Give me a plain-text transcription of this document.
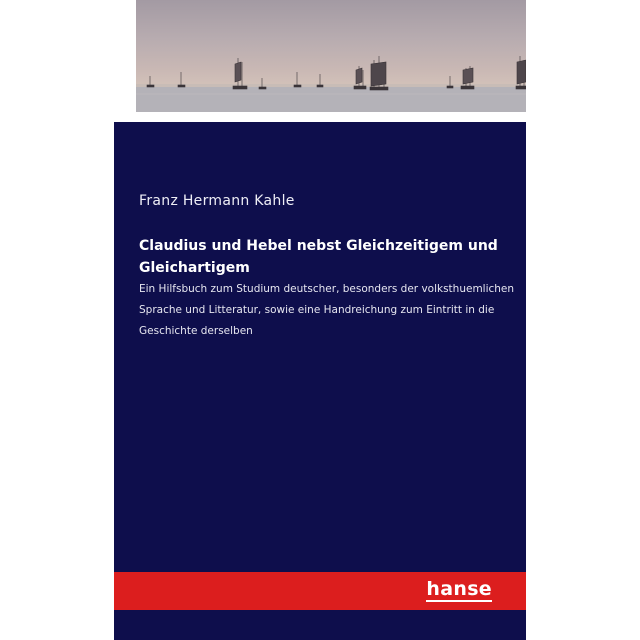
Franz Hermann Kahle

Claudius und Hebel nebst Gleichzeitigem und Gleichartigem

Ein Hilfsbuch zum Studium deutscher, besonders der volksthuemlichen Sprache und Litteratur, sowie eine Handreichung zum Eintritt in die Geschichte derselben

hanse
